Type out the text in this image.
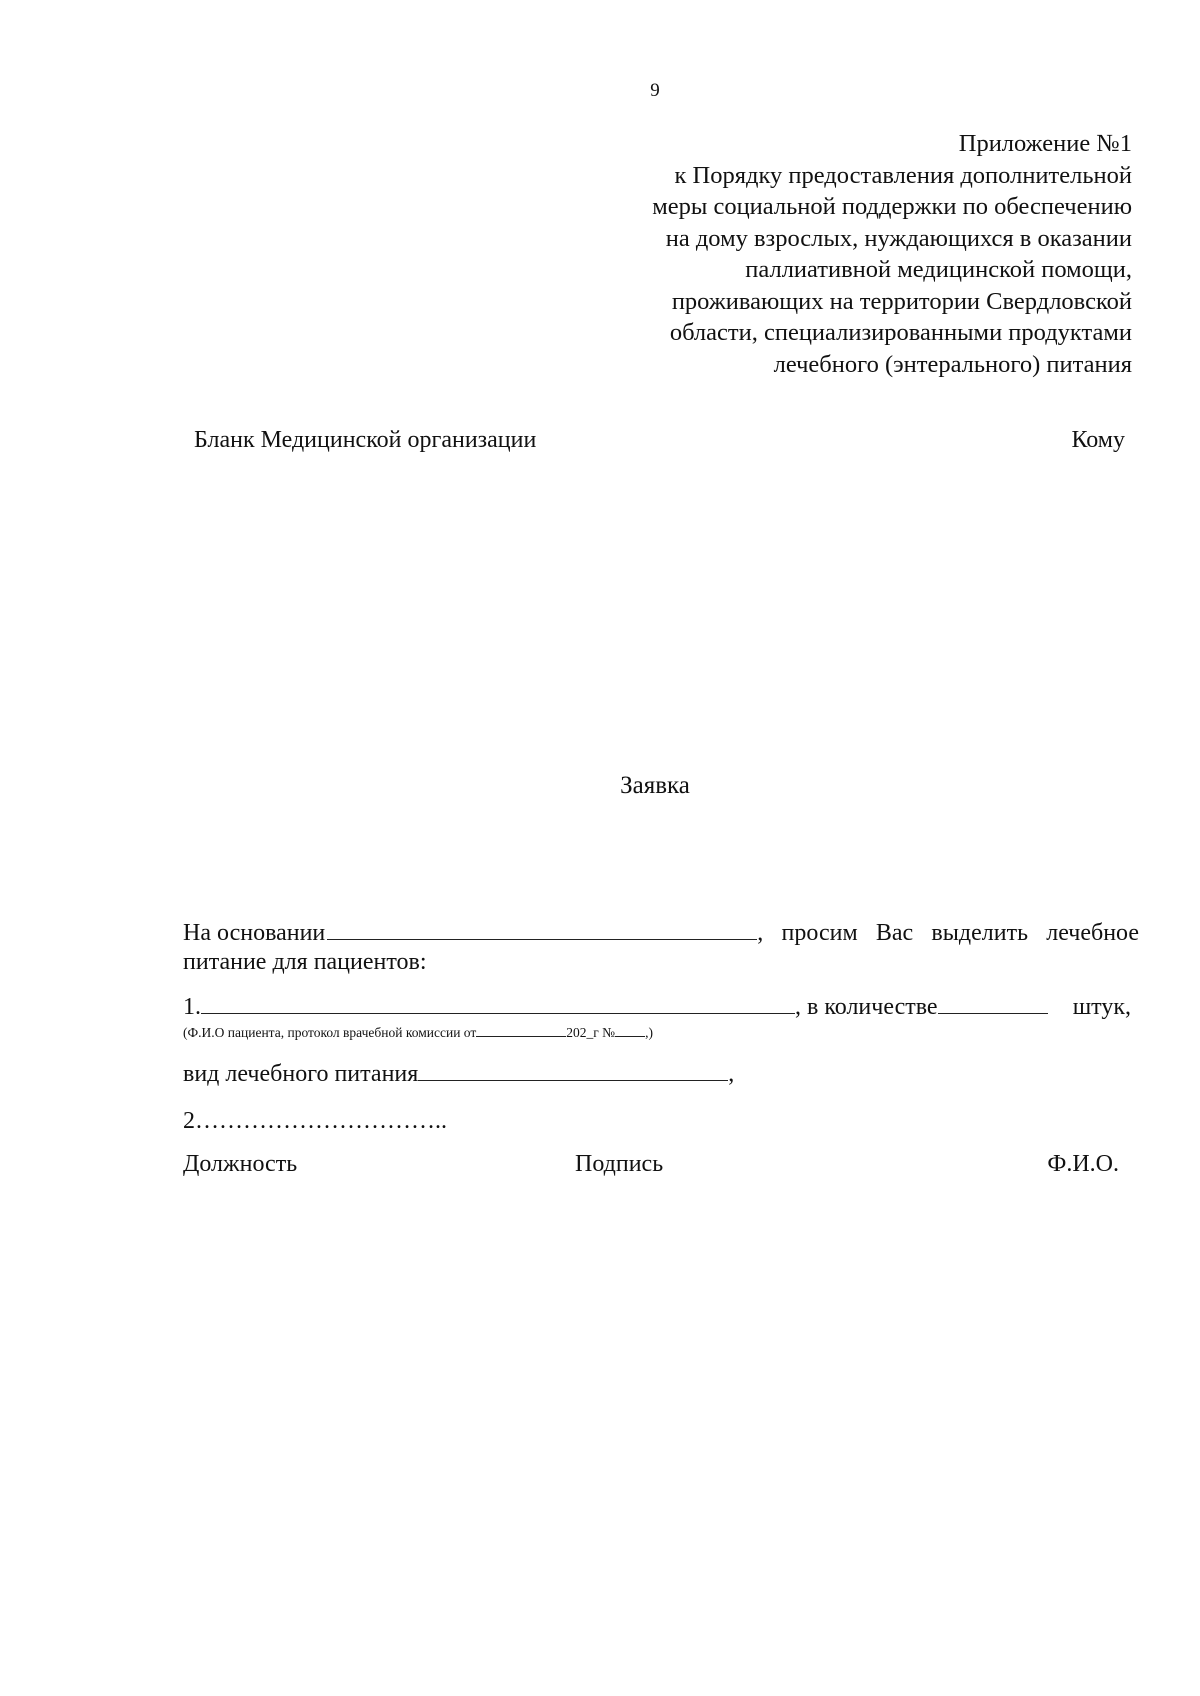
9
Приложение №1
к Порядку предоставления дополнительной
меры социальной поддержки по обеспечению
на дому взрослых, нуждающихся в оказании
паллиативной медицинской помощи,
проживающих на территории Свердловской
области, специализированными продуктами
лечебного (энтерального) питания
Бланк Медицинской организации	Кому
Заявка
На основании	, просим Вас выделить лечебное
питание для пациентов:
1.	, в количестве	штук,
(Ф.И.О пациента, протокол врачебной комиссии от	202_г № ,)
вид лечебного питания	,
2…………………………..
Должность	Подпись	Ф.И.О.
